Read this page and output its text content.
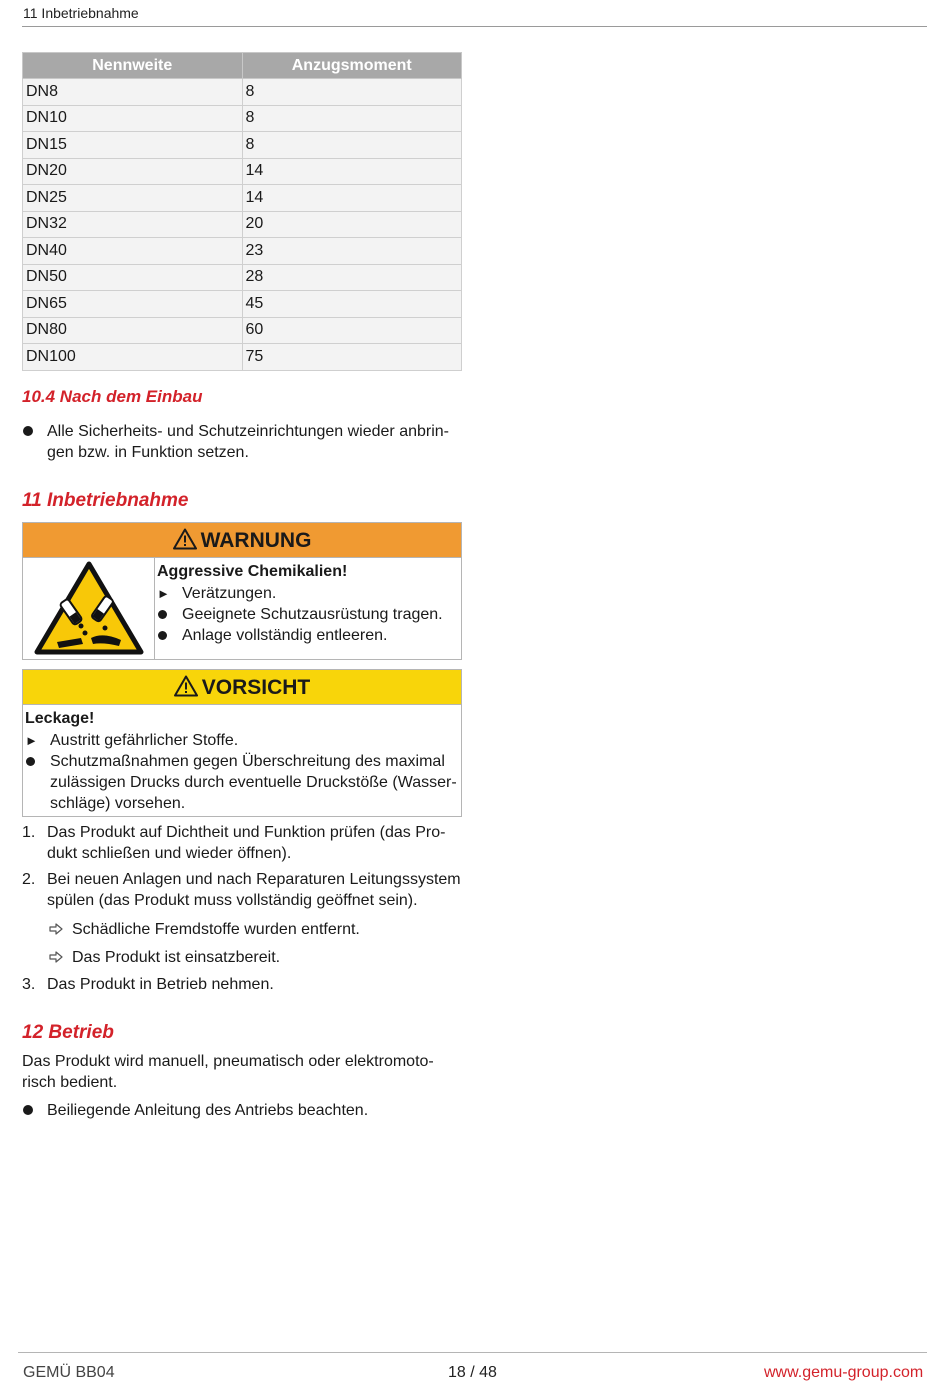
11 Inbetriebnahme
Nennweite	Anzugsmoment
DN8	8
DN10	8
DN15	8
DN20	14
DN25	14
DN32	20
DN40	23
DN50	28
DN65	45
DN80	60
DN100	75
10.4 Nach dem Einbau
Alle Sicherheits- und Schutzeinrichtungen wieder anbrin-
gen bzw. in Funktion setzen.
11 Inbetriebnahme
WARNUNG
Aggressive Chemikalien!
► Verätzungen.
Geeignete Schutzausrüstung tragen.
Anlage vollständig entleeren.
VORSICHT
Leckage!
► Austritt gefährlicher Stoffe.
Schutzmaßnahmen gegen Überschreitung des maximal
zulässigen Drucks durch eventuelle Druckstöße (Wasser-
schläge) vorsehen.
1. Das Produkt auf Dichtheit und Funktion prüfen (das Pro-
dukt schließen und wieder öffnen).
2. Bei neuen Anlagen und nach Reparaturen Leitungssystem
spülen (das Produkt muss vollständig geöffnet sein).
Schädliche Fremdstoffe wurden entfernt.
Das Produkt ist einsatzbereit.
3. Das Produkt in Betrieb nehmen.
12 Betrieb
Das Produkt wird manuell, pneumatisch oder elektromoto-
risch bedient.
Beiliegende Anleitung des Antriebs beachten.
GEMÜ BB04	18 / 48	www.gemu-group.com
